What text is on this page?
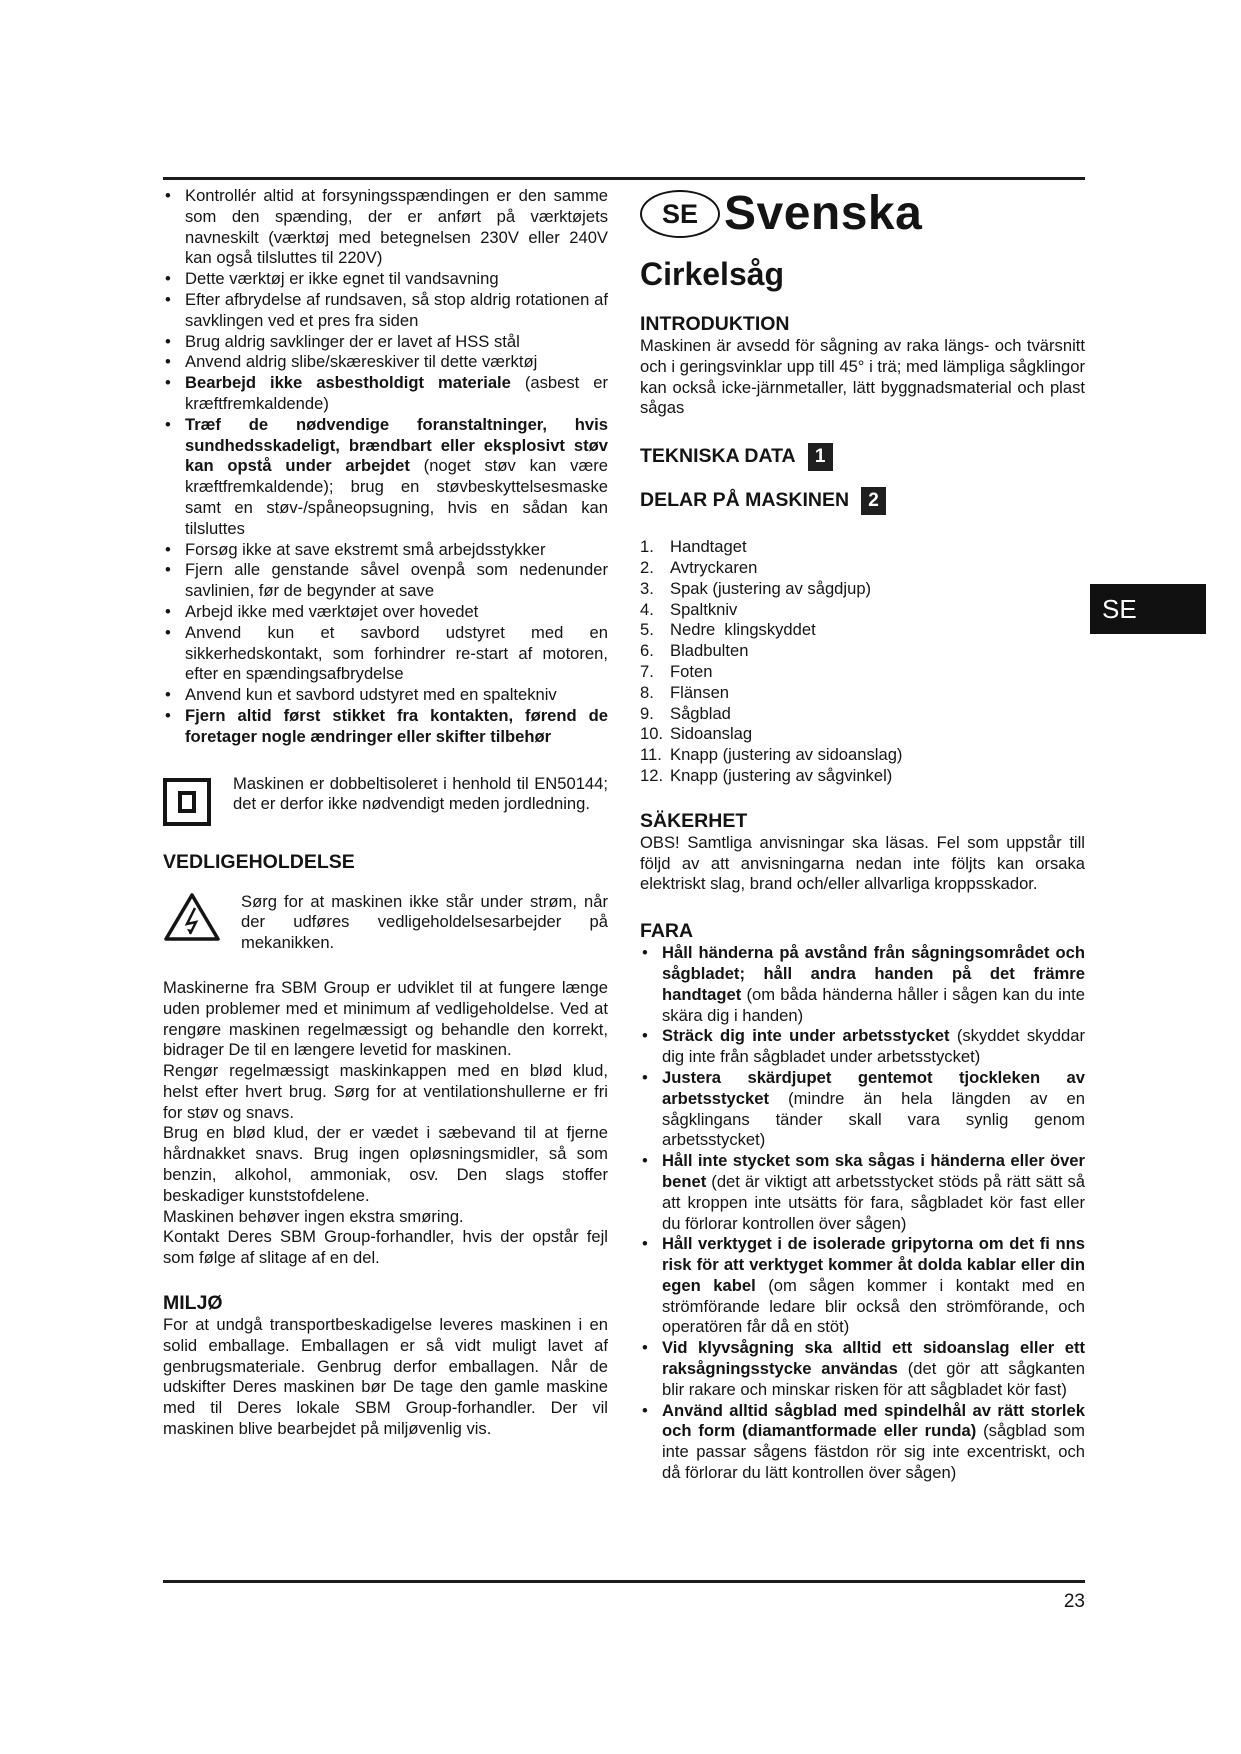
• Kontrollér altid at forsyningsspændingen er den samme som den spænding, der er anført på værktøjets navneskilt (værktøj med betegnelsen 230V eller 240V kan også tilsluttes til 220V)
• Dette værktøj er ikke egnet til vandsavning
• Efter afbrydelse af rundsaven, så stop aldrig rotationen af savklingen ved et pres fra siden
• Brug aldrig savklinger der er lavet af HSS stål
• Anvend aldrig slibe/skæreskiver til dette værktøj
• Bearbejd ikke asbestholdigt materiale (asbest er kræftfremkaldende)
• Træf de nødvendige foranstaltninger, hvis sundhedsskadeligt, brændbart eller eksplosivt støv kan opstå under arbejdet (noget støv kan være kræftfremkaldende); brug en støvbeskyttelsesmaske samt en støv-/spåneopsugning, hvis en sådan kan tilsluttes
• Forsøg ikke at save ekstremt små arbejdsstykker
• Fjern alle genstande såvel ovenpå som nedenunder savlinien, før de begynder at save
• Arbejd ikke med værktøjet over hovedet
• Anvend kun et savbord udstyret med en sikkerhedskontakt, som forhindrer re-start af motoren, efter en spændingsafbrydelse
• Anvend kun et savbord udstyret med en spaltekniv
• Fjern altid først stikket fra kontakten, førend de foretager nogle ændringer eller skifter tilbehør

Maskinen er dobbeltisoleret i henhold til EN50144; det er derfor ikke nødvendigt meden jordledning.

VEDLIGEHOLDELSE

Sørg for at maskinen ikke står under strøm, når der udføres vedligeholdelsesarbejder på mekanikken.

Maskinerne fra SBM Group er udviklet til at fungere længe uden problemer med et minimum af vedligeholdelse. Ved at rengøre maskinen regelmæssigt og behandle den korrekt, bidrager De til en længere levetid for maskinen.

Rengør regelmæssigt maskinkappen med en blød klud, helst efter hvert brug. Sørg for at ventilationshullerne er fri for støv og snavs.

Brug en blød klud, der er vædet i sæbevand til at fjerne hårdnakket snavs. Brug ingen opløsningsmidler, så som benzin, alkohol, ammoniak, osv. Den slags stoffer beskadiger kunststofdelene.

Maskinen behøver ingen ekstra smøring.

Kontakt Deres SBM Group-forhandler, hvis der opstår fejl som følge af slitage af en del.

MILJØ

For at undgå transportbeskadigelse leveres maskinen i en solid emballage. Emballagen er så vidt muligt lavet af genbrugsmateriale. Genbrug derfor emballagen. Når de udskifter Deres maskinen bør De tage den gamle maskine med til Deres lokale SBM Group-forhandler. Der vil maskinen blive bearbejdet på miljøvenlig vis.

SE Svenska
Cirkelsåg
INTRODUKTION

Maskinen är avsedd för sågning av raka längs- och tvärsnitt och i geringsvinklar upp till 45° i trä; med lämpliga sågklingor kan också icke-järnmetaller, lätt byggnadsmaterial och plast sågas

TEKNISKA DATA 1
DELAR PÅ MASKINEN 2
1. Handtaget
2. Avtryckaren
3. Spak (justering av sågdjup)
4. Spaltkniv
5. Nedre  klingskyddet
6. Bladbulten
7. Foten
8. Flänsen
9. Sågblad
10. Sidoanslag
11. Knapp (justering av sidoanslag)
12. Knapp (justering av sågvinkel)
SÄKERHET

OBS! Samtliga anvisningar ska läsas. Fel som uppstår till följd av att anvisningarna nedan inte följts kan orsaka elektriskt slag, brand och/eller allvarliga kroppsskador.

FARA
• Håll händerna på avstånd från sågningsområdet och sågbladet; håll andra handen på det främre handtaget (om båda händerna håller i sågen kan du inte skära dig i handen)
• Sträck dig inte under arbetsstycket (skyddet skyddar dig inte från sågbladet under arbetsstycket)
• Justera skärdjupet gentemot tjockleken av arbetsstycket (mindre än hela längden av en sågklingans tänder skall vara synlig genom arbetsstycket)
• Håll inte stycket som ska sågas i händerna eller över benet (det är viktigt att arbetsstycket stöds på rätt sätt så att kroppen inte utsätts för fara, sågbladet kör fast eller du förlorar kontrollen över sågen)
• Håll verktyget i de isolerade gripytorna om det fi nns risk för att verktyget kommer åt dolda kablar eller din egen kabel (om sågen kommer i kontakt med en strömförande ledare blir också den strömförande, och operatören får då en stöt)
• Vid klyvsågning ska alltid ett sidoanslag eller ett raksågningsstycke användas (det gör att sågkanten blir rakare och minskar risken för att sågbladet kör fast)
• Använd alltid sågblad med spindelhål av rätt storlek och form (diamantformade eller runda) (sågblad som inte passar sågens fästdon rör sig inte excentriskt, och då förlorar du lätt kontrollen över sågen)
SE
23
